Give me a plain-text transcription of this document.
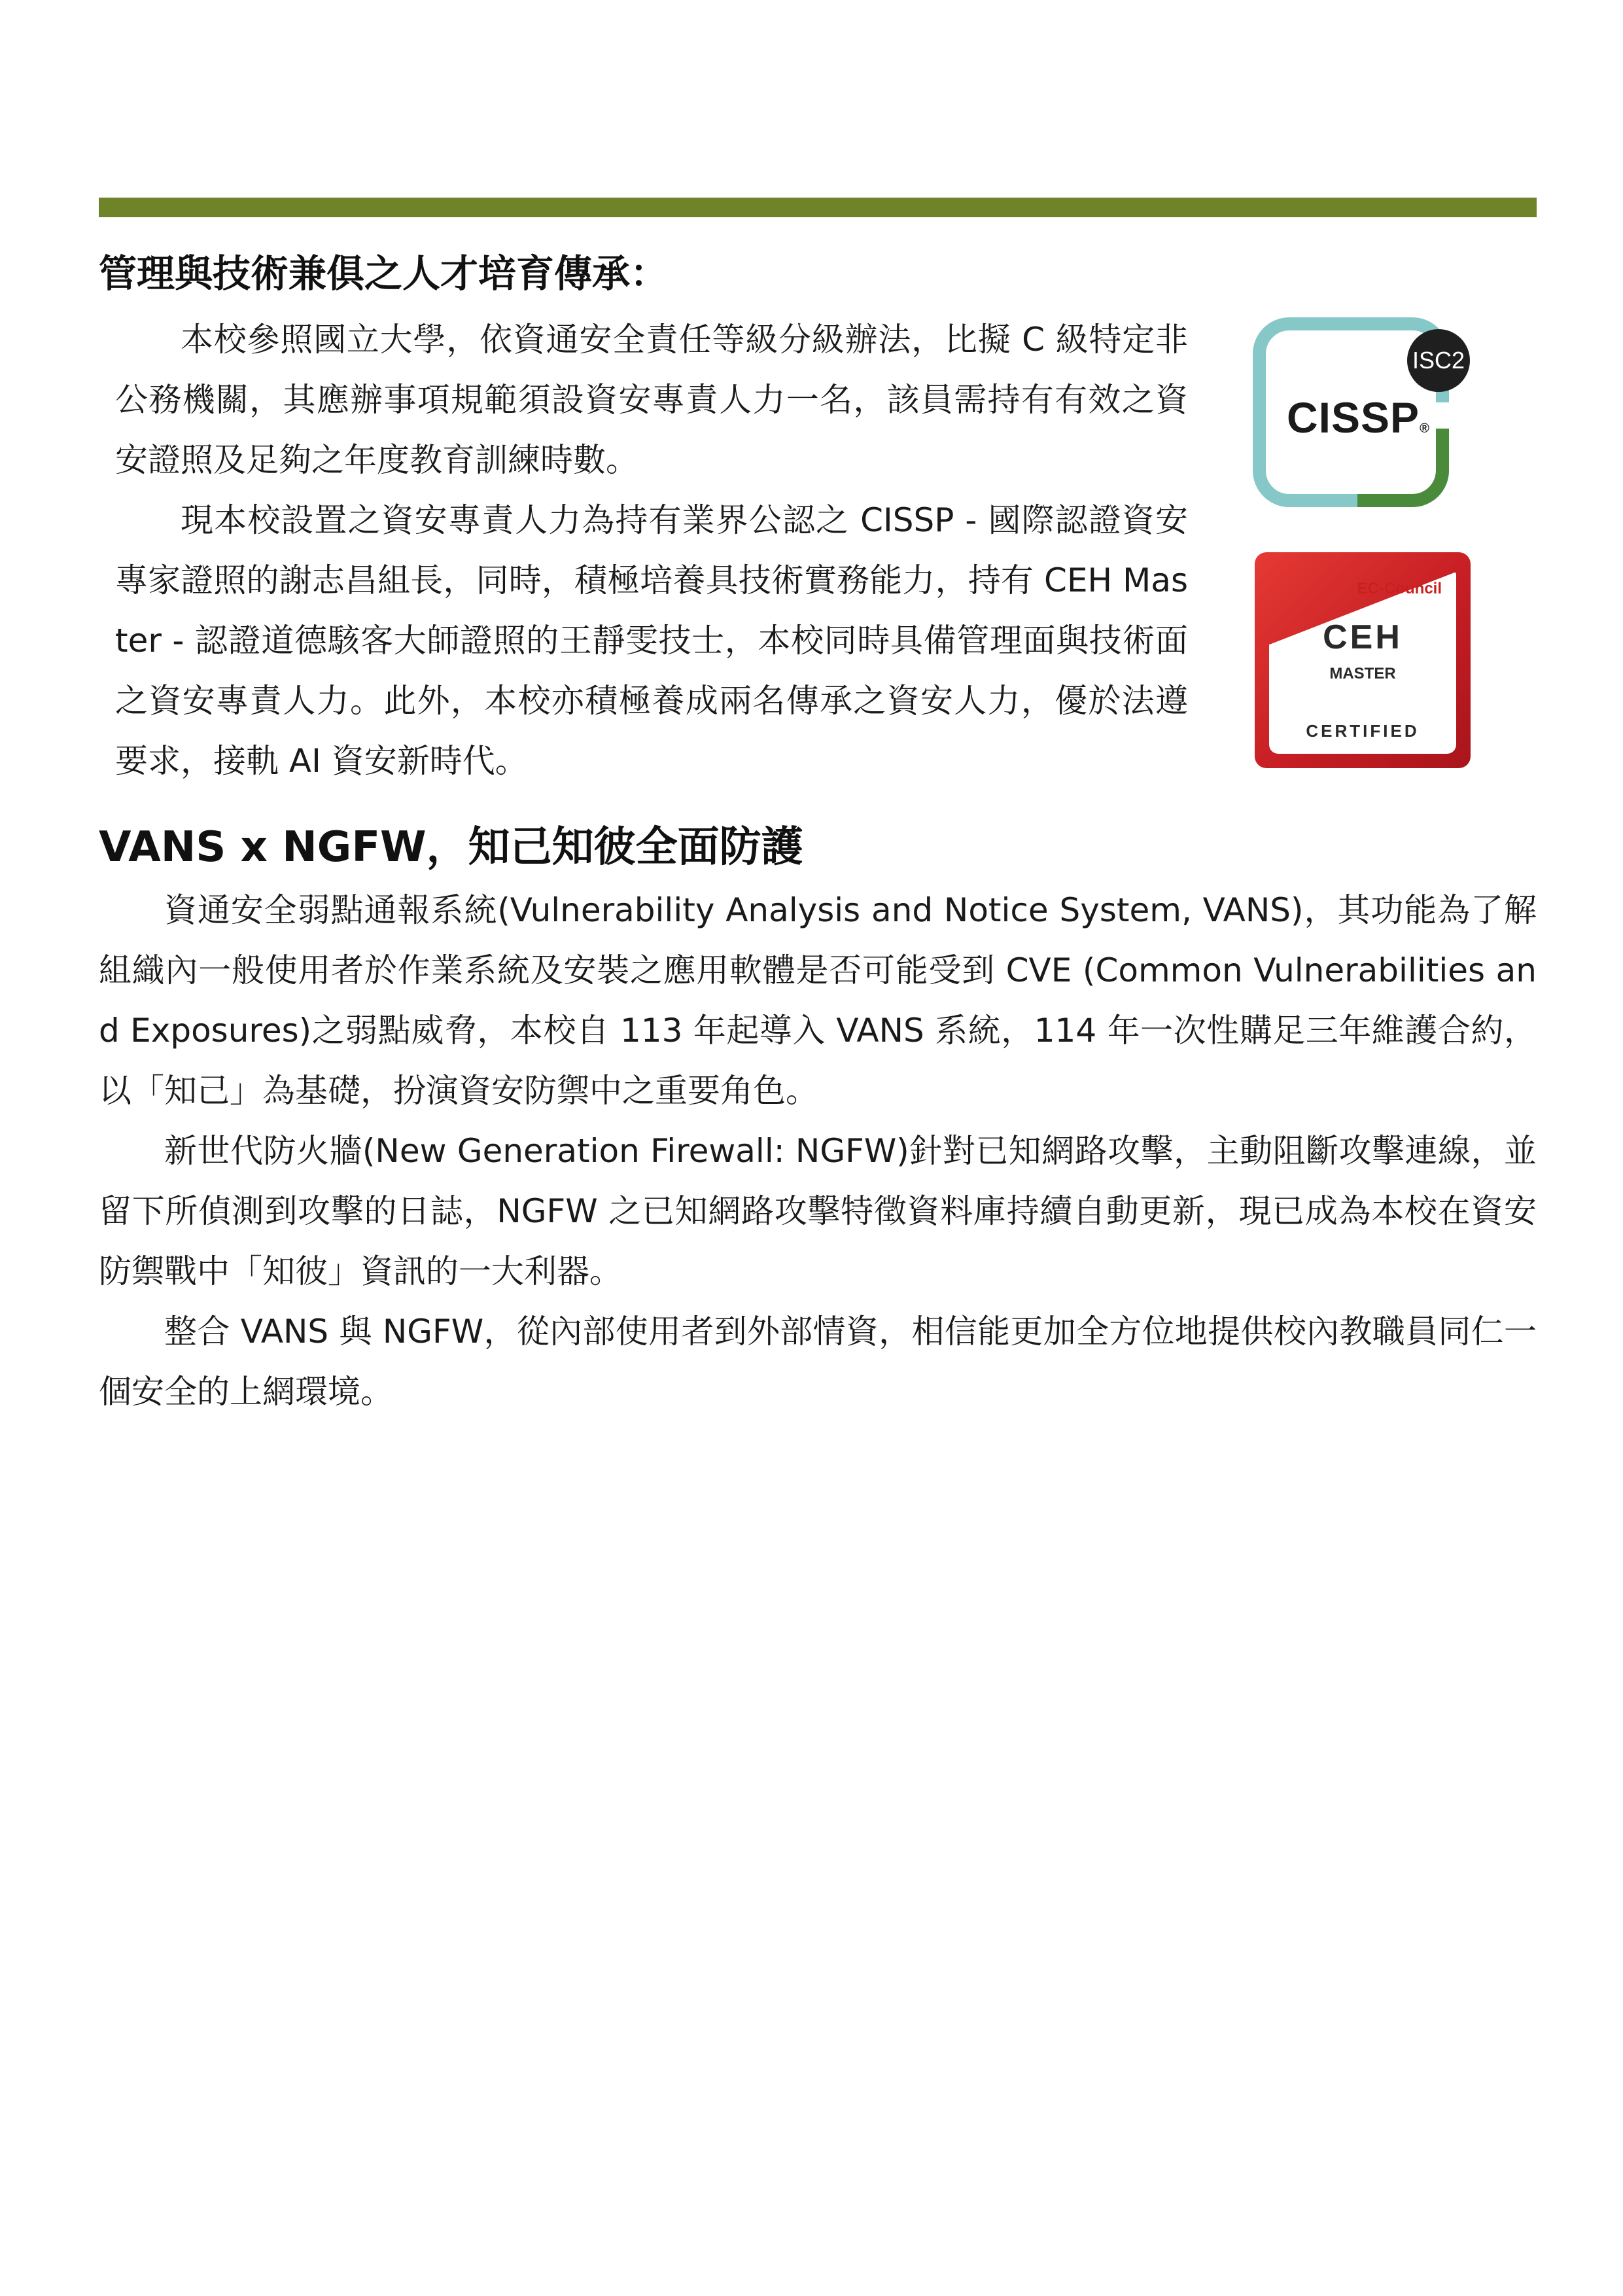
管理與技術兼俱之人才培育傳承：

本校參照國立大學，依資通安全責任等級分級辦法，比擬 C 級特定非公務機關，其應辦事項規範須設資安專責人力一名，該員需持有有效之資安證照及足夠之年度教育訓練時數。

現本校設置之資安專責人力為持有業界公認之 CISSP - 國際認證資安專家證照的謝志昌組長，同時，積極培養具技術實務能力，持有 CEH Master - 認證道德駭客大師證照的王靜雯技士，本校同時具備管理面與技術面之資安專責人力。此外，本校亦積極養成兩名傳承之資安人力，優於法遵要求，接軌 AI 資安新時代。

CISSP®
ISC2
EC-Council
CEH
MASTER
CERTIFIED
VANS x NGFW，知己知彼全面防護

資通安全弱點通報系統(Vulnerability Analysis and Notice System, VANS)，其功能為了解組織內一般使用者於作業系統及安裝之應用軟體是否可能受到 CVE (Common Vulnerabilities and Exposures)之弱點威脅，本校自 113 年起導入 VANS 系統，114 年一次性購足三年維護合約，以「知己」為基礎，扮演資安防禦中之重要角色。

新世代防火牆(New Generation Firewall: NGFW)針對已知網路攻擊，主動阻斷攻擊連線，並留下所偵測到攻擊的日誌，NGFW 之已知網路攻擊特徵資料庫持續自動更新，現已成為本校在資安防禦戰中「知彼」資訊的一大利器。

整合 VANS 與 NGFW，從內部使用者到外部情資，相信能更加全方位地提供校內教職員同仁一個安全的上網環境。
